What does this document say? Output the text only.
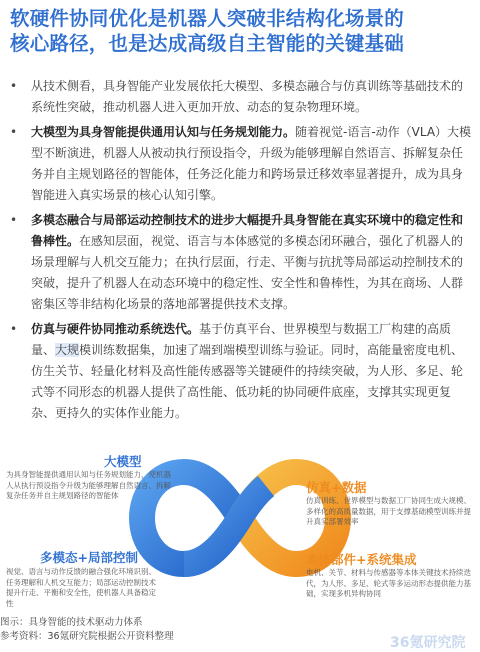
软硬件协同优化是机器人突破非结构化场景的
核心路径，也是达成高级自主智能的关键基础
• 从技术侧看，具身智能产业发展依托大模型、多模态融合与仿真训练等基础技术的系统性突破，推动机器人进入更加开放、动态的复杂物理环境。
• 大模型为具身智能提供通用认知与任务规划能力。随着视觉-语言-动作（VLA）大模型不断演进，机器人从被动执行预设指令，升级为能够理解自然语言、拆解复杂任务并自主规划路径的智能体，任务泛化能力和跨场景迁移效率显著提升，成为具身智能进入真实场景的核心认知引擎。
• 多模态融合与局部运动控制技术的进步大幅提升具身智能在真实环境中的稳定性和鲁棒性。在感知层面，视觉、语言与本体感觉的多模态闭环融合，强化了机器人的场景理解与人机交互能力；在执行层面，行走、平衡与抗扰等局部运动控制技术的突破，提升了机器人在动态环境中的稳定性、安全性和鲁棒性，为其在商场、人群密集区等非结构化场景的落地部署提供技术支撑。
• 仿真与硬件协同推动系统迭代。基于仿真平台、世界模型与数据工厂构建的高质量、大规模训练数据集，加速了端到端模型训练与验证。同时，高能量密度电机、仿生关节、轻量化材料及高性能传感器等关键硬件的持续突破，为人形、多足、轮式等不同形态的机器人提供了高性能、低功耗的协同硬件底座，支撑其实现更复杂、更持久的实体作业能力。
大模型
为具身智能提供通用认知与任务规划能力，使机器人从执行预设指令升级为能够理解自然语言、拆解复杂任务并自主规划路径的智能体
多模态+局部控制
视觉、语言与动作反馈的融合强化环境识别、任务理解和人机交互能力；局部运动控制技术提升行走、平衡和安全性，使机器人具备稳定性
仿真+数据
仿真训练、世界模型与数据工厂协同生成大规模、多样化的高质量数据，用于支撑基础模型训练并提升真实部署效率
本体部件+系统集成
电机、关节、材料与传感器等本体关键技术持续迭代，为人形、多足、轮式等多运动形态提供能力基础，实现多机异构协同
图示：具身智能的技术驱动力体系
参考资料：36氪研究院根据公开资料整理	36氪研究院
